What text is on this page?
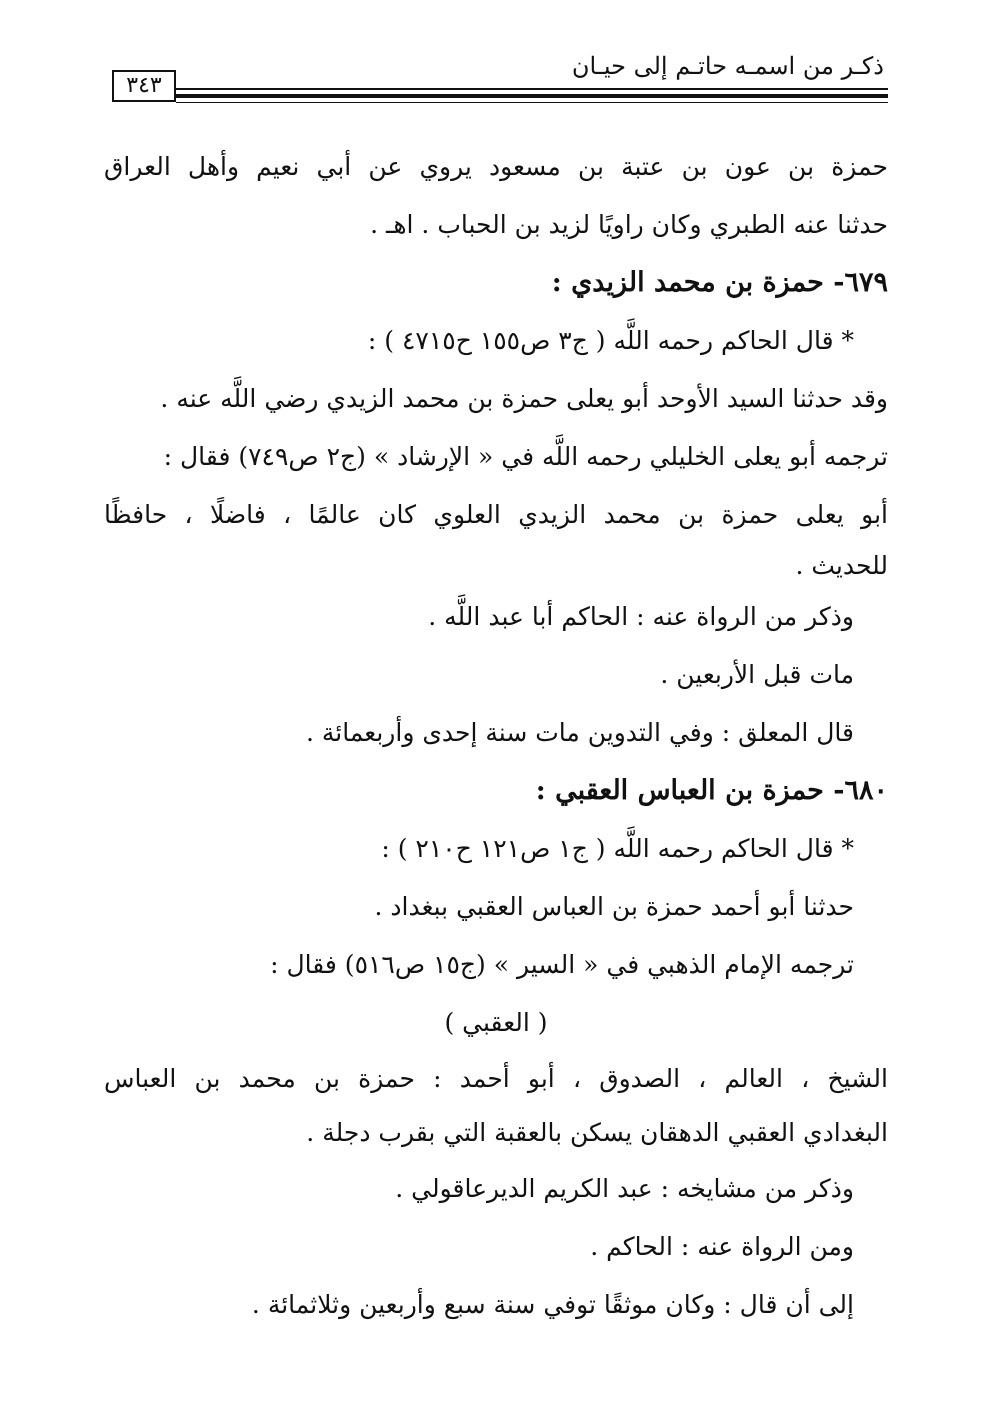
ذكـر من اسمـه حاتـم إلى حيـان
٣٤٣
حمزة بن عون بن عتبة بن مسعود يروي عن أبي نعيم وأهل العراق
حدثنا عنه الطبري وكان راويًا لزيد بن الحباب . اهـ .
٦٧٩- حمزة بن محمد الزيدي :
* قال الحاكم رحمه اللَّه ( ج٣ ص١٥٥ ح٤٧١٥ ) :
وقد حدثنا السيد الأوحد أبو يعلى حمزة بن محمد الزيدي رضي اللَّه عنه .
ترجمه أبو يعلى الخليلي رحمه اللَّه في « الإرشاد » (ج٢ ص٧٤٩) فقال :
أبو يعلى حمزة بن محمد الزيدي العلوي كان عالمًا ، فاضلًا ، حافظًا
للحديث .
وذكر من الرواة عنه : الحاكم أبا عبد اللَّه .
مات قبل الأربعين .
قال المعلق : وفي التدوين مات سنة إحدى وأربعمائة .
٦٨٠- حمزة بن العباس العقبي :
* قال الحاكم رحمه اللَّه ( ج١ ص١٢١ ح٢١٠ ) :
حدثنا أبو أحمد حمزة بن العباس العقبي ببغداد .
ترجمه الإمام الذهبي في « السير » (ج١٥ ص٥١٦) فقال :
( العقبي )
الشيخ ، العالم ، الصدوق ، أبو أحمد : حمزة بن محمد بن العباس
البغدادي العقبي الدهقان يسكن بالعقبة التي بقرب دجلة .
وذكر من مشايخه : عبد الكريم الديرعاقولي .
ومن الرواة عنه : الحاكم .
إلى أن قال : وكان موثقًا توفي سنة سبع وأربعين وثلاثمائة .
